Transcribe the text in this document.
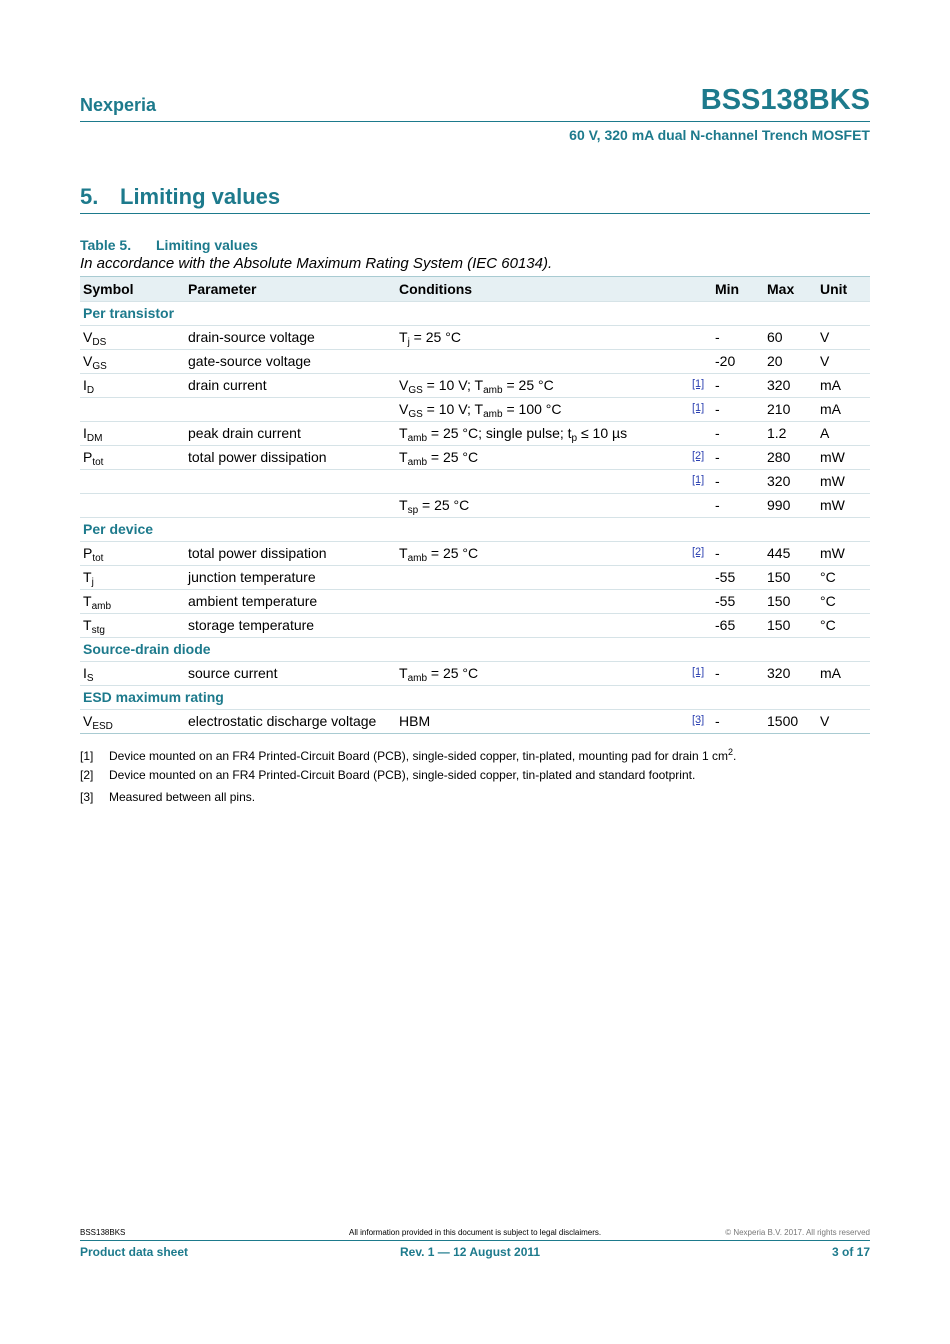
Nexperia	BSS138BKS
60 V, 320 mA dual N-channel Trench MOSFET
5. Limiting values
Table 5. Limiting values
In accordance with the Absolute Maximum Rating System (IEC 60134).
Symbol	Parameter	Conditions		Min	Max	Unit
Per transistor						
$V_{DS}$	drain-source voltage	$T_j = 25$ °C		-	60	V
$V_{GS}$	gate-source voltage			-20	20	V
$I_D$	drain current	$V_{GS} = 10$ V; $T_{amb} = 25$ °C	[1]	-	320	mA
		$V_{GS} = 10$ V; $T_{amb} = 100$ °C	[1]	-	210	mA
$I_{DM}$	peak drain current	$T_{amb} = 25$ °C; single pulse; $t_p \le 10$ µs		-	1.2	A
$P_{tot}$	total power dissipation	$T_{amb} = 25$ °C	[2]	-	280	mW
			[1]	-	320	mW
		$T_{sp} = 25$ °C		-	990	mW
Per device						
$P_{tot}$	total power dissipation	$T_{amb} = 25$ °C	[2]	-	445	mW
$T_j$	junction temperature			-55	150	°C
$T_{amb}$	ambient temperature			-55	150	°C
$T_{stg}$	storage temperature			-65	150	°C
Source-drain diode						
$I_S$	source current	$T_{amb} = 25$ °C	[1]	-	320	mA
ESD maximum rating						
$V_{ESD}$	electrostatic discharge voltage	HBM	[3]	-	1500	V
[1] Device mounted on an FR4 Printed-Circuit Board (PCB), single-sided copper, tin-plated, mounting pad for drain 1 $cm^2$.
[2] Device mounted on an FR4 Printed-Circuit Board (PCB), single-sided copper, tin-plated and standard footprint.
[3] Measured between all pins.
BSS138BKS	All information provided in this document is subject to legal disclaimers.	© Nexperia B.V. 2017. All rights reserved
Product data sheet	Rev. 1 — 12 August 2011	3 of 17
